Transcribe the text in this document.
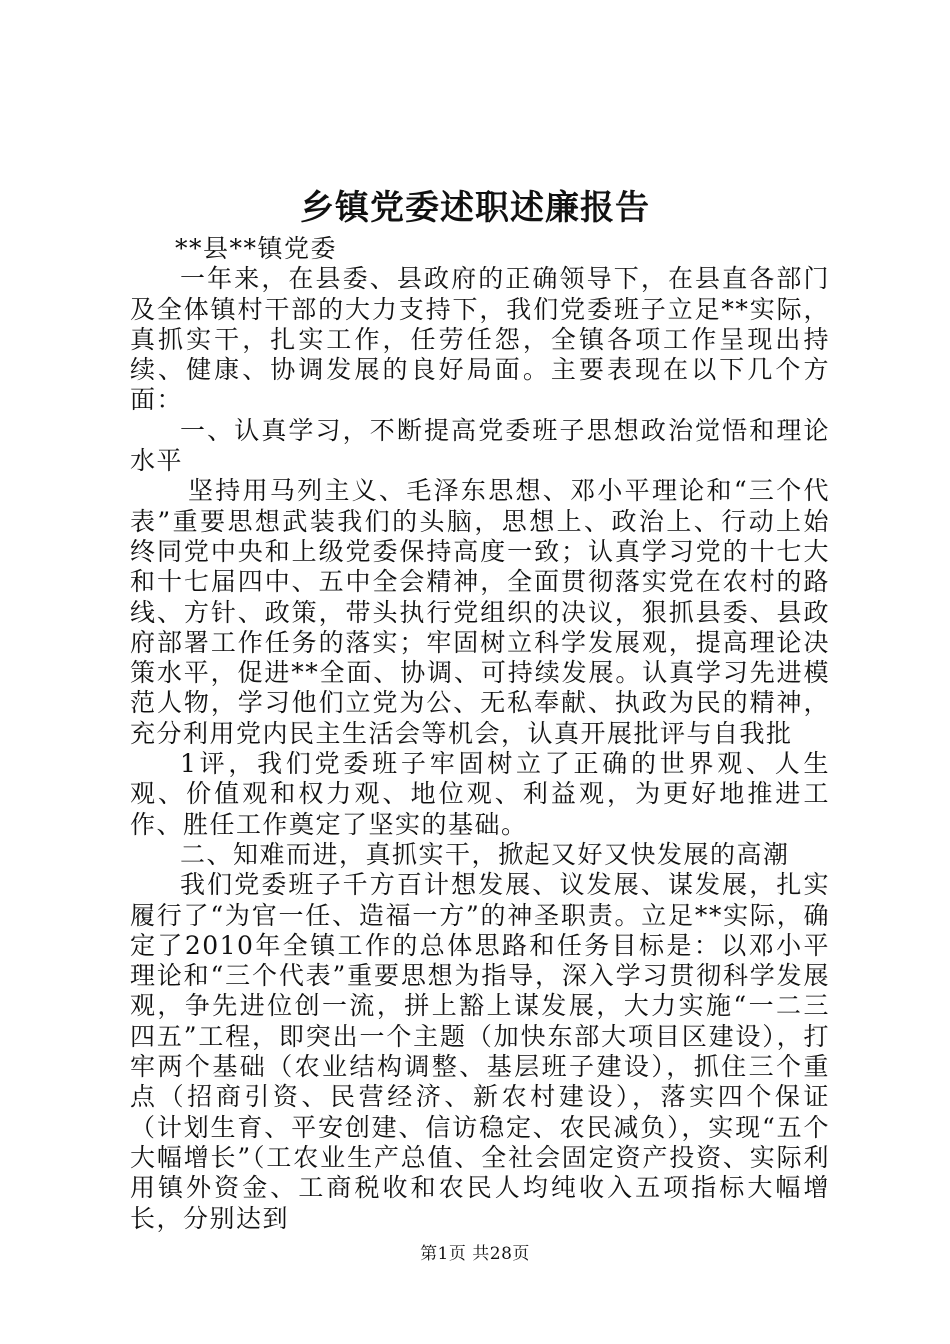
乡镇党委述职述廉报告

**县**镇党委

一年来，在县委、县政府的正确领导下，在县直各部门及全体镇村干部的大力支持下，我们党委班子立足**实际，真抓实干，扎实工作，任劳任怨，全镇各项工作呈现出持续、健康、协调发展的良好局面。主要表现在以下几个方面：

一、认真学习，不断提高党委班子思想政治觉悟和理论水平

坚持用马列主义、毛泽东思想、邓小平理论和“三个代表”重要思想武装我们的头脑，思想上、政治上、行动上始终同党中央和上级党委保持高度一致；认真学习党的十七大和十七届四中、五中全会精神，全面贯彻落实党在农村的路线、方针、政策，带头执行党组织的决议，狠抓县委、县政府部署工作任务的落实；牢固树立科学发展观，提高理论决策水平，促进**全面、协调、可持续发展。认真学习先进模范人物，学习他们立党为公、无私奉献、执政为民的精神，充分利用党内民主生活会等机会，认真开展批评与自我批

1评，我们党委班子牢固树立了正确的世界观、人生观、价值观和权力观、地位观、利益观，为更好地推进工作、胜任工作奠定了坚实的基础。

二、知难而进，真抓实干，掀起又好又快发展的高潮

我们党委班子千方百计想发展、议发展、谋发展，扎实履行了“为官一任、造福一方”的神圣职责。立足**实际，确定了2010年全镇工作的总体思路和任务目标是：以邓小平理论和“三个代表”重要思想为指导，深入学习贯彻科学发展观，争先进位创一流，拼上豁上谋发展，大力实施“一二三四五”工程，即突出一个主题（加快东部大项目区建设），打牢两个基础（农业结构调整、基层班子建设），抓住三个重点（招商引资、民营经济、新农村建设），落实四个保证（计划生育、平安创建、信访稳定、农民减负），实现“五个大幅增长”（工农业生产总值、全社会固定资产投资、实际利用镇外资金、工商税收和农民人均纯收入五项指标大幅增长，分别达到

第1页 共28页
